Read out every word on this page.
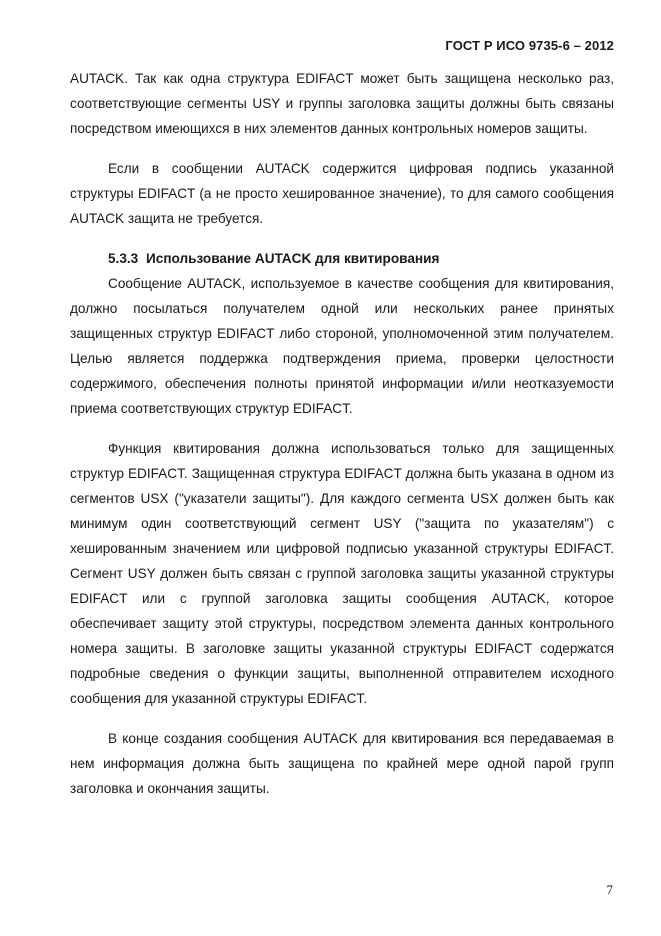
ГОСТ Р ИСО 9735-6 – 2012

AUTACK. Так как одна структура EDIFACT может быть защищена несколько раз, соответствующие сегменты USY и группы заголовка защиты должны быть связаны посредством имеющихся в них элементов данных контрольных номеров защиты.

Если в сообщении AUTACK содержится цифровая подпись указанной структуры EDIFACT (а не просто хешированное значение), то для самого сообщения AUTACK защита не требуется.

5.3.3 Использование AUTACK для квитирования

Сообщение AUTACK, используемое в качестве сообщения для квитирования, должно посылаться получателем одной или нескольких ранее принятых защищенных структур EDIFACT либо стороной, уполномоченной этим получателем. Целью является поддержка подтверждения приема, проверки целостности содержимого, обеспечения полноты принятой информации и/или неотказуемости приема соответствующих структур EDIFACT.

Функция квитирования должна использоваться только для защищенных структур EDIFACT. Защищенная структура EDIFACT должна быть указана в одном из сегментов USX ("указатели защиты"). Для каждого сегмента USX должен быть как минимум один соответствующий сегмент USY ("защита по указателям") с хешированным значением или цифровой подписью указанной структуры EDIFACT. Сегмент USY должен быть связан с группой заголовка защиты указанной структуры EDIFACT или с группой заголовка защиты сообщения AUTACK, которое обеспечивает защиту этой структуры, посредством элемента данных контрольного номера защиты. В заголовке защиты указанной структуры EDIFACT содержатся подробные сведения о функции защиты, выполненной отправителем исходного сообщения для указанной структуры EDIFACT.

В конце создания сообщения AUTACK для квитирования вся передаваемая в нем информация должна быть защищена по крайней мере одной парой групп заголовка и окончания защиты.

7
